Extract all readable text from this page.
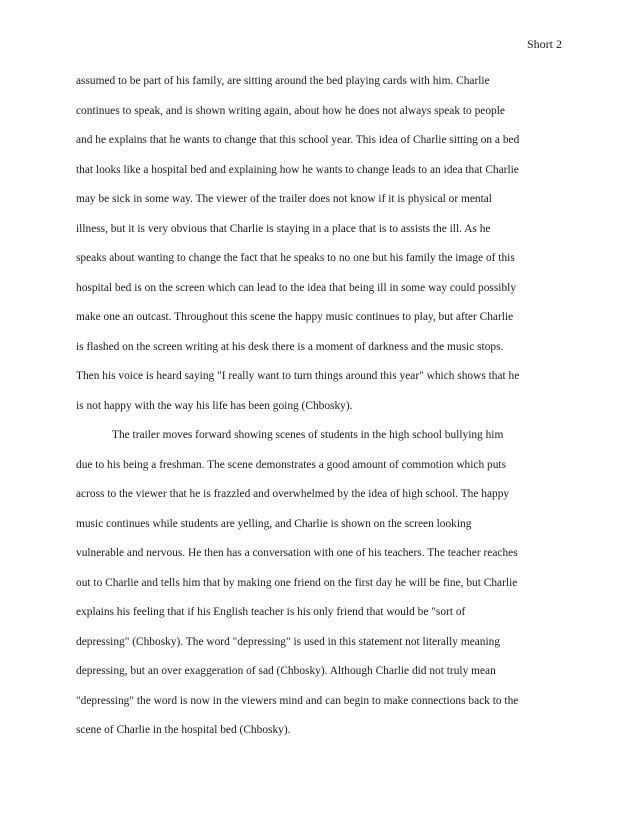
Short 2
assumed to be part of his family, are sitting around the bed playing cards with him. Charlie
continues to speak, and is shown writing again, about how he does not always speak to people
and he explains that he wants to change that this school year. This idea of Charlie sitting on a bed
that looks like a hospital bed and explaining how he wants to change leads to an idea that Charlie
may be sick in some way. The viewer of the trailer does not know if it is physical or mental
illness, but it is very obvious that Charlie is staying in a place that is to assists the ill. As he
speaks about wanting to change the fact that he speaks to no one but his family the image of this
hospital bed is on the screen which can lead to the idea that being ill in some way could possibly
make one an outcast. Throughout this scene the happy music continues to play, but after Charlie
is flashed on the screen writing at his desk there is a moment of darkness and the music stops.
Then his voice is heard saying "I really want to turn things around this year" which shows that he
is not happy with the way his life has been going (Chbosky).
The trailer moves forward showing scenes of students in the high school bullying him
due to his being a freshman. The scene demonstrates a good amount of commotion which puts
across to the viewer that he is frazzled and overwhelmed by the idea of high school. The happy
music continues while students are yelling, and Charlie is shown on the screen looking
vulnerable and nervous. He then has a conversation with one of his teachers. The teacher reaches
out to Charlie and tells him that by making one friend on the first day he will be fine, but Charlie
explains his feeling that if his English teacher is his only friend that would be "sort of
depressing" (Chbosky). The word "depressing" is used in this statement not literally meaning
depressing, but an over exaggeration of sad (Chbosky). Although Charlie did not truly mean
"depressing" the word is now in the viewers mind and can begin to make connections back to the
scene of Charlie in the hospital bed (Chbosky).
